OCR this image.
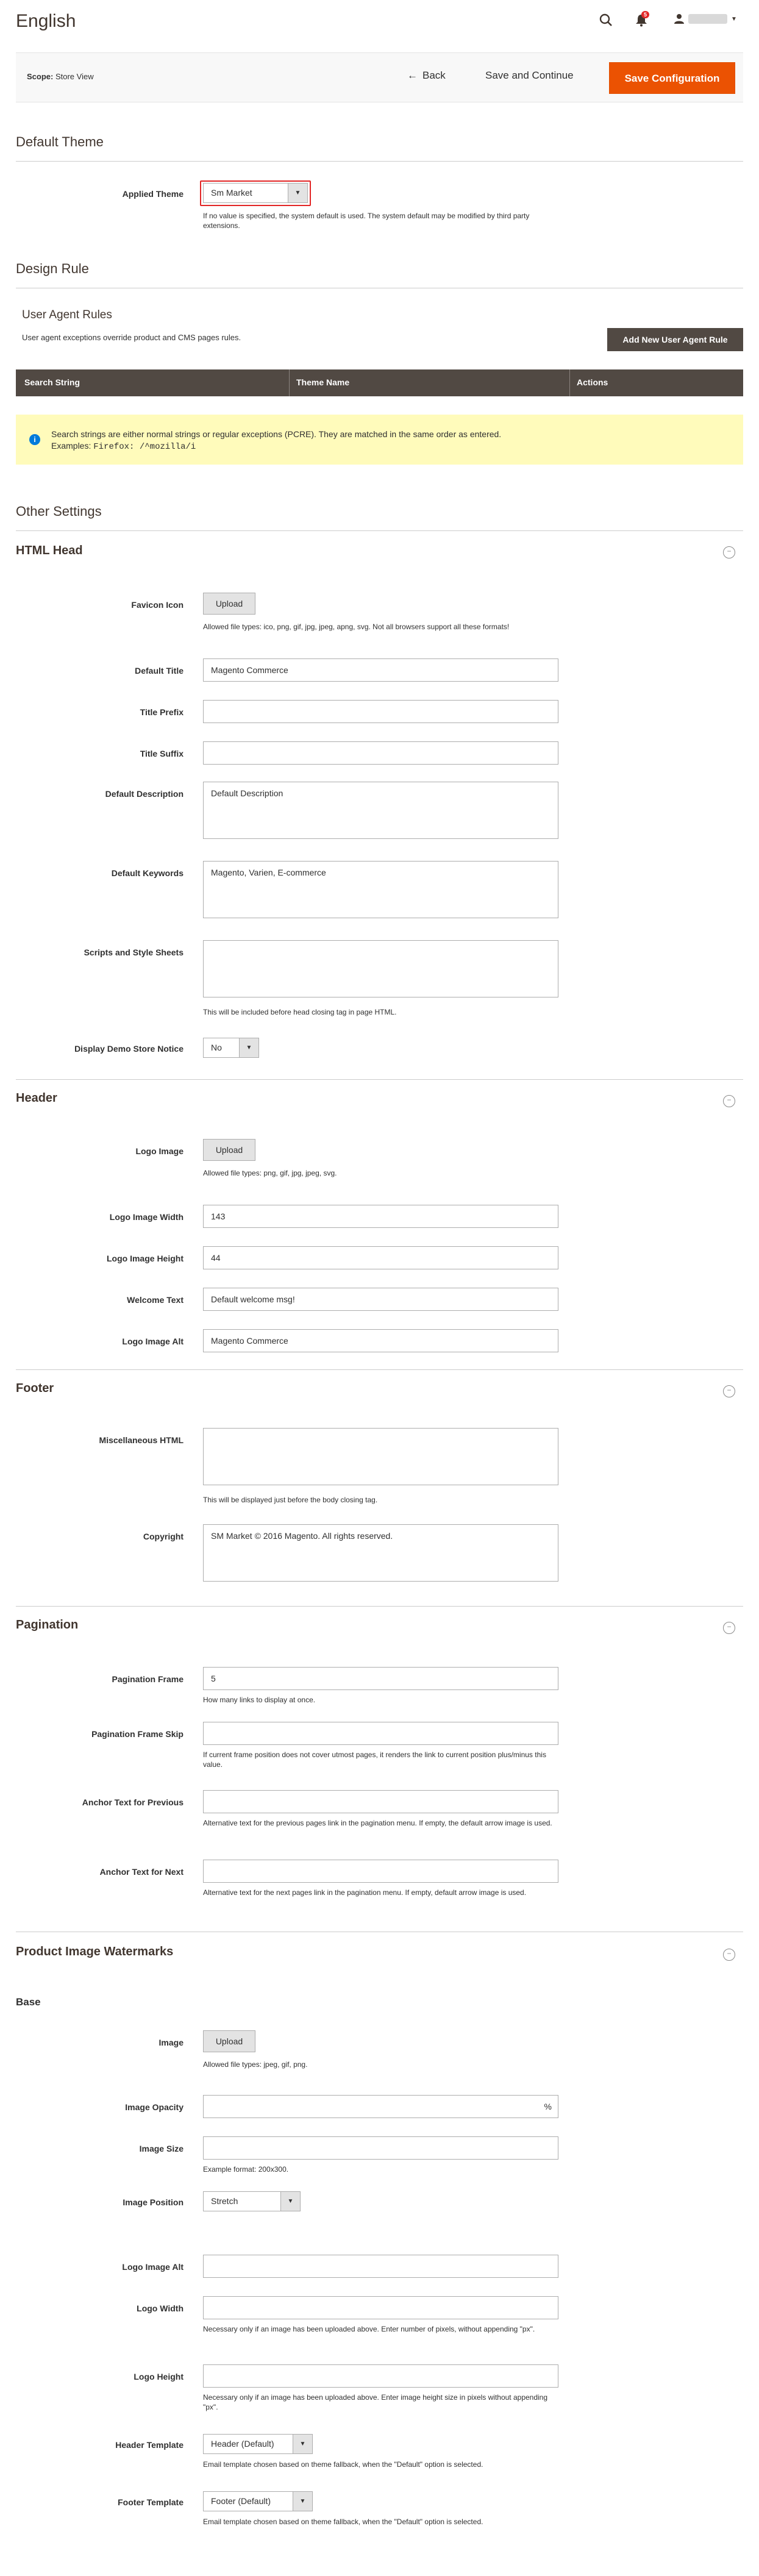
English	5
▼
Scope: Store View	← Back	Save and Continue	Save Configuration
Default Theme
Applied Theme	Sm Market	▼
If no value is specified, the system default is used. The system default may be modified by third party extensions.
Design Rule
User Agent Rules
User agent exceptions override product and CMS pages rules.	Add New User Agent Rule
Search String	Theme Name	Actions
i
Search strings are either normal strings or regular exceptions (PCRE). They are matched in the same order as entered.
Examples: Firefox: /^mozilla/i
Other Settings
HTML Head	−
Favicon Icon	Upload
Allowed file types: ico, png, gif, jpg, jpeg, apng, svg. Not all browsers support all these formats!
Default Title	Magento Commerce
Title Prefix
Title Suffix
Default Description	Default Description
Default Keywords	Magento, Varien, E-commerce
Scripts and Style Sheets
This will be included before head closing tag in page HTML.
Display Demo Store Notice	No	▼
Header	−
Logo Image	Upload
Allowed file types: png, gif, jpg, jpeg, svg.
Logo Image Width	143
Logo Image Height	44
Welcome Text	Default welcome msg!
Logo Image Alt	Magento Commerce
Footer	−
Miscellaneous HTML
This will be displayed just before the body closing tag.
Copyright	SM Market © 2016 Magento. All rights reserved.
Pagination	−
Pagination Frame	5
How many links to display at once.
Pagination Frame Skip
If current frame position does not cover utmost pages, it renders the link to current position plus/minus this value.
Anchor Text for Previous
Alternative text for the previous pages link in the pagination menu. If empty, the default arrow image is used.
Anchor Text for Next
Alternative text for the next pages link in the pagination menu. If empty, default arrow image is used.
Product Image Watermarks	−
Base
Image	Upload
Allowed file types: jpeg, gif, png.
Image Opacity	%
Image Size
Example format: 200x300.
Image Position	Stretch	▼
Logo Image Alt
Logo Width
Necessary only if an image has been uploaded above. Enter number of pixels, without appending "px".
Logo Height
Necessary only if an image has been uploaded above. Enter image height size in pixels without appending "px".
Header Template	Header (Default)	▼
Email template chosen based on theme fallback, when the "Default" option is selected.
Footer Template	Footer (Default)	▼
Email template chosen based on theme fallback, when the "Default" option is selected.
